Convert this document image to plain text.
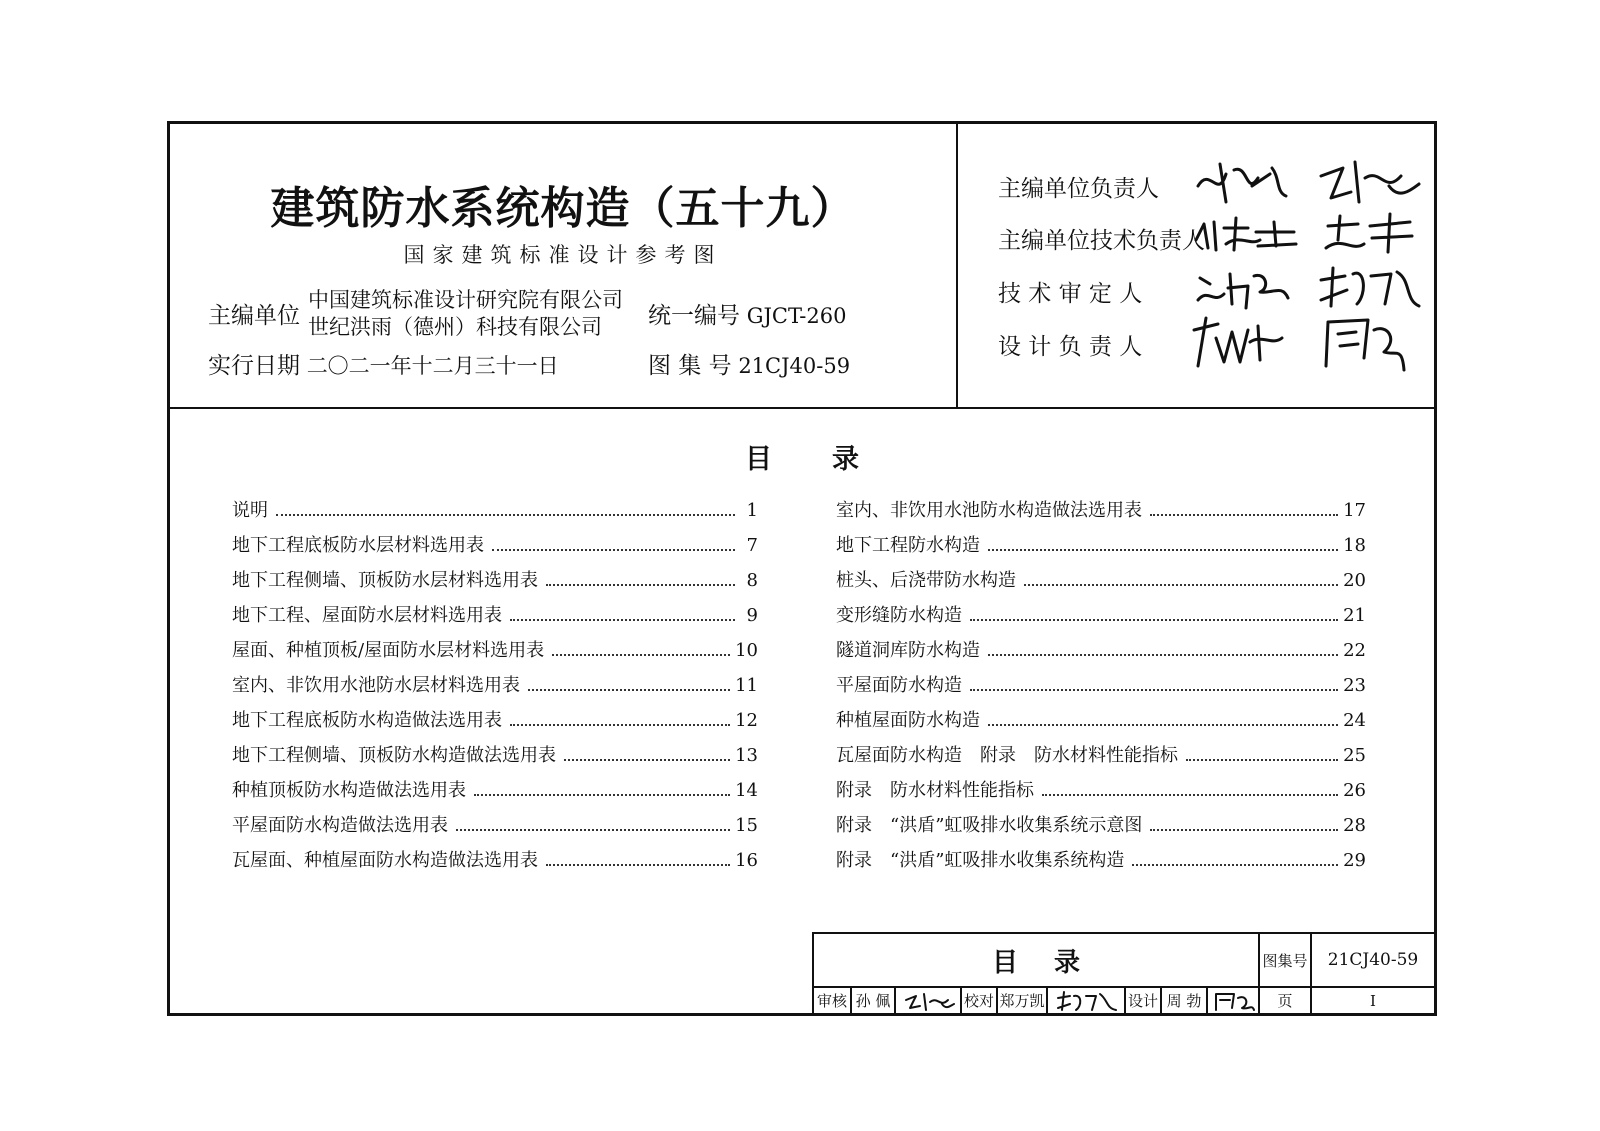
建筑防水系统构造（五十九）
国家建筑标准设计参考图
主编单位
中国建筑标准设计研究院有限公司
世纪洪雨（德州）科技有限公司 统一编号 GJCT-260
实行日期 二〇二一年十二月三十一日	图 集 号 21CJ40-59
主编单位负责人
主编单位技术负责人
技 术 审 定 人
设 计 负 责 人
目 录
说明	1
地下工程底板防水层材料选用表	7
地下工程侧墙、顶板防水层材料选用表	8
地下工程、屋面防水层材料选用表	9
屋面、种植顶板/屋面防水层材料选用表	10
室内、非饮用水池防水层材料选用表	11
地下工程底板防水构造做法选用表	12
地下工程侧墙、顶板防水构造做法选用表	13
种植顶板防水构造做法选用表	14
平屋面防水构造做法选用表	15
瓦屋面、种植屋面防水构造做法选用表	16
室内、非饮用水池防水构造做法选用表	17
地下工程防水构造	18
桩头、后浇带防水构造	20
变形缝防水构造	21
隧道洞库防水构造	22
平屋面防水构造	23
种植屋面防水构造	24
瓦屋面防水构造　附录　防水材料性能指标	25
附录　防水材料性能指标	26
附录　“洪盾”虹吸排水收集系统示意图	28
附录　“洪盾”虹吸排水收集系统构造	29
目 录	图集号	21CJ40-59
审核 孙 佩	校对 郑万凯	设计 周 勃	页	I
